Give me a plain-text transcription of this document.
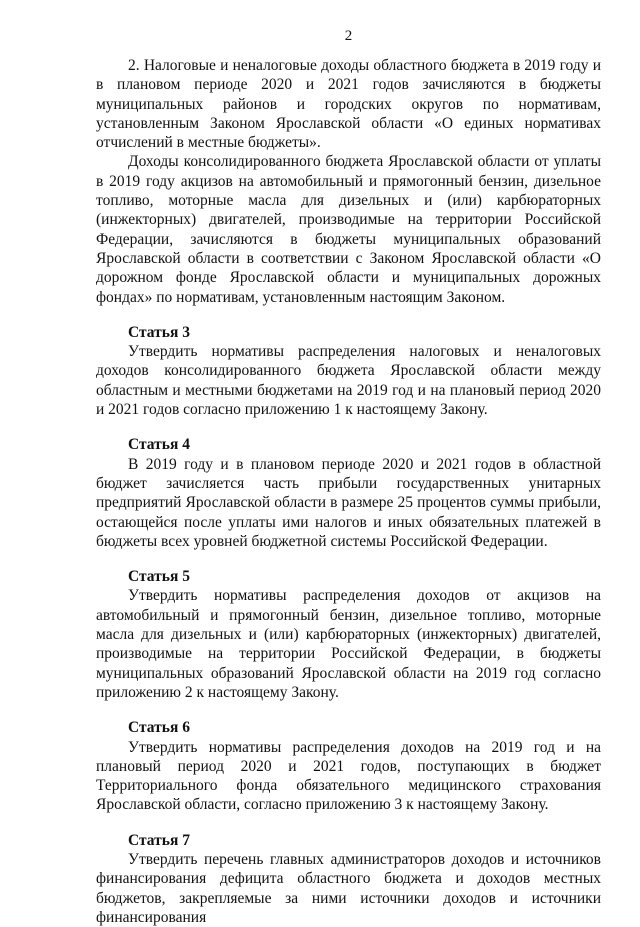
2

2. Налоговые и неналоговые доходы областного бюджета в 2019 году и в плановом периоде 2020 и 2021 годов зачисляются в бюджеты муниципальных районов и городских округов по нормативам, установленным Законом Ярославской области «О единых нормативах отчислений в местные бюджеты».

Доходы консолидированного бюджета Ярославской области от уплаты в 2019 году акцизов на автомобильный и прямогонный бензин, дизельное топливо, моторные масла для дизельных и (или) карбюраторных (инжекторных) двигателей, производимые на территории Российской Федерации, зачисляются в бюджеты муниципальных образований Ярославской области в соответствии с Законом Ярославской области «О дорожном фонде Ярославской области и муниципальных дорожных фондах» по нормативам, установленным настоящим Законом.

Статья 3

Утвердить нормативы распределения налоговых и неналоговых доходов консолидированного бюджета Ярославской области между областным и местными бюджетами на 2019 год и на плановый период 2020 и 2021 годов согласно приложению 1 к настоящему Закону.

Статья 4

В 2019 году и в плановом периоде 2020 и 2021 годов в областной бюджет зачисляется часть прибыли государственных унитарных предприятий Ярославской области в размере 25 процентов суммы прибыли, остающейся после уплаты ими налогов и иных обязательных платежей в бюджеты всех уровней бюджетной системы Российской Федерации.

Статья 5

Утвердить нормативы распределения доходов от акцизов на автомобильный и прямогонный бензин, дизельное топливо, моторные масла для дизельных и (или) карбюраторных (инжекторных) двигателей, производимые на территории Российской Федерации, в бюджеты муниципальных образований Ярославской области на 2019 год согласно приложению 2 к настоящему Закону.

Статья 6

Утвердить нормативы распределения доходов на 2019 год и на плановый период 2020 и 2021 годов, поступающих в бюджет Территориального фонда обязательного медицинского страхования Ярославской области, согласно приложению 3 к настоящему Закону.

Статья 7

Утвердить перечень главных администраторов доходов и источников финансирования дефицита областного бюджета и доходов местных бюджетов, закрепляемые за ними источники доходов и источники финансирования
